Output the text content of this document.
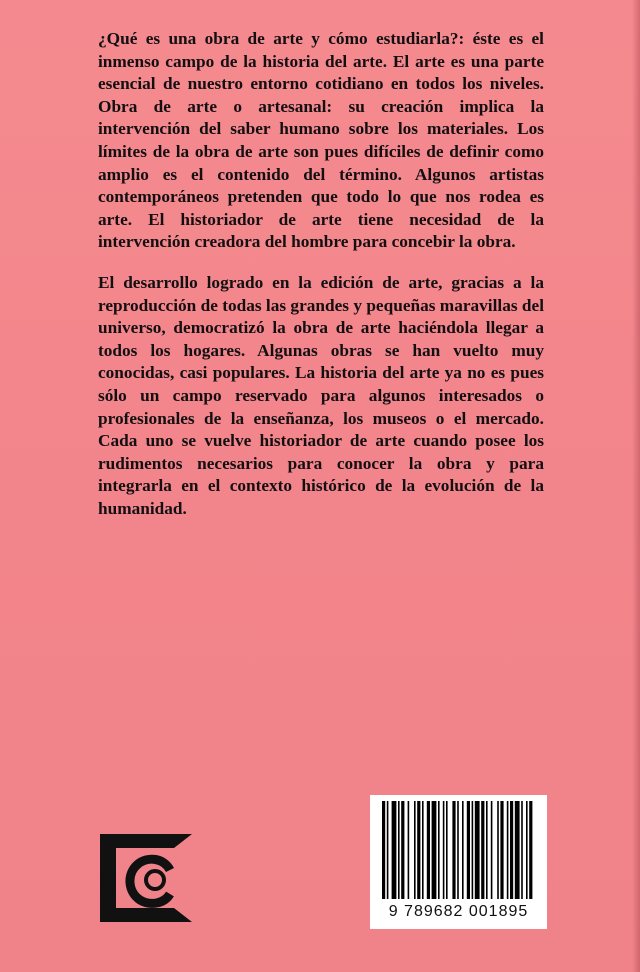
¿Qué es una obra de arte y cómo estudiarla?: éste es el inmenso campo de la historia del arte. El arte es una parte esencial de nuestro entorno cotidiano en todos los niveles. Obra de arte o artesanal: su creación implica la intervención del saber humano sobre los materiales. Los límites de la obra de arte son pues difíciles de definir como amplio es el contenido del término. Algunos artistas contemporáneos pretenden que todo lo que nos rodea es arte. El historiador de arte tiene necesidad de la intervención creadora del hombre para concebir la obra.

El desarrollo logrado en la edición de arte, gracias a la reproducción de todas las grandes y pequeñas maravillas del universo, democratizó la obra de arte haciéndola llegar a todos los hogares. Algunas obras se han vuelto muy conocidas, casi populares. La historia del arte ya no es pues sólo un campo reservado para algunos interesados o profesionales de la enseñanza, los museos o el mercado. Cada uno se vuelve historiador de arte cuando posee los rudimentos necesarios para conocer la obra y para integrarla en el contexto histórico de la evolución de la humanidad.

9 789682 001895
